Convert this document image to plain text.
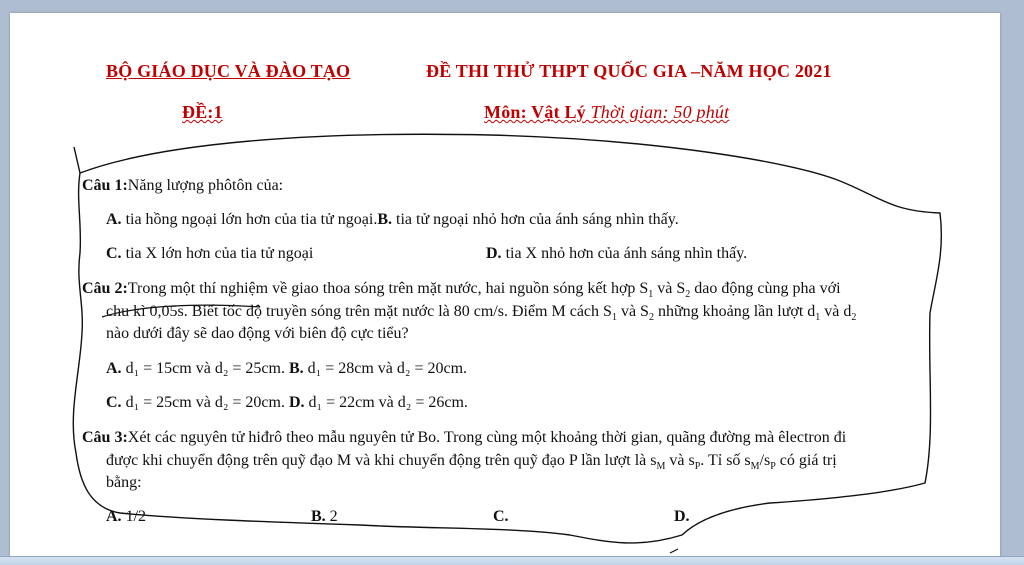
BỘ GIÁO DỤC VÀ ĐÀO TẠO	ĐỀ THI THỬ THPT QUỐC GIA –NĂM HỌC 2021
ĐỀ:1	Môn: Vật Lý Thời gian: 50 phút
Câu 1:Năng lượng phôtôn của:
A. tia hồng ngoại lớn hơn của tia tử ngoại.B. tia tử ngoại nhỏ hơn của ánh sáng nhìn thấy.
C. tia X lớn hơn của tia tử ngoại	D. tia X nhỏ hơn của ánh sáng nhìn thấy.
Câu 2:Trong một thí nghiệm về giao thoa sóng trên mặt nước, hai nguồn sóng kết hợp $S_1$ và $S_2$ dao động cùng pha với
chu kì 0,05s. Biết tốc độ truyền sóng trên mặt nước là 80 cm/s. Điểm M cách $S_1$ và $S_2$ những khoảng lần lượt $d_1$ và $d_2$
nào dưới đây sẽ dao động với biên độ cực tiểu?
A. d₁ = 15cm và d₂ = 25cm. B. d₁ = 28cm và d₂ = 20cm.
C. d₁ = 25cm và d₂ = 20cm. D. d₁ = 22cm và d₂ = 26cm.
Câu 3:Xét các nguyên tử hiđrô theo mẫu nguyên tử Bo. Trong cùng một khoảng thời gian, quãng đường mà êlectron đi
được khi chuyển động trên quỹ đạo M và khi chuyển động trên quỹ đạo P lần lượt là $s_M$ và $s_P$. Tỉ số $s_M/s_P$ có giá trị
bằng:
A. 1/2	B. 2	C.	D.
